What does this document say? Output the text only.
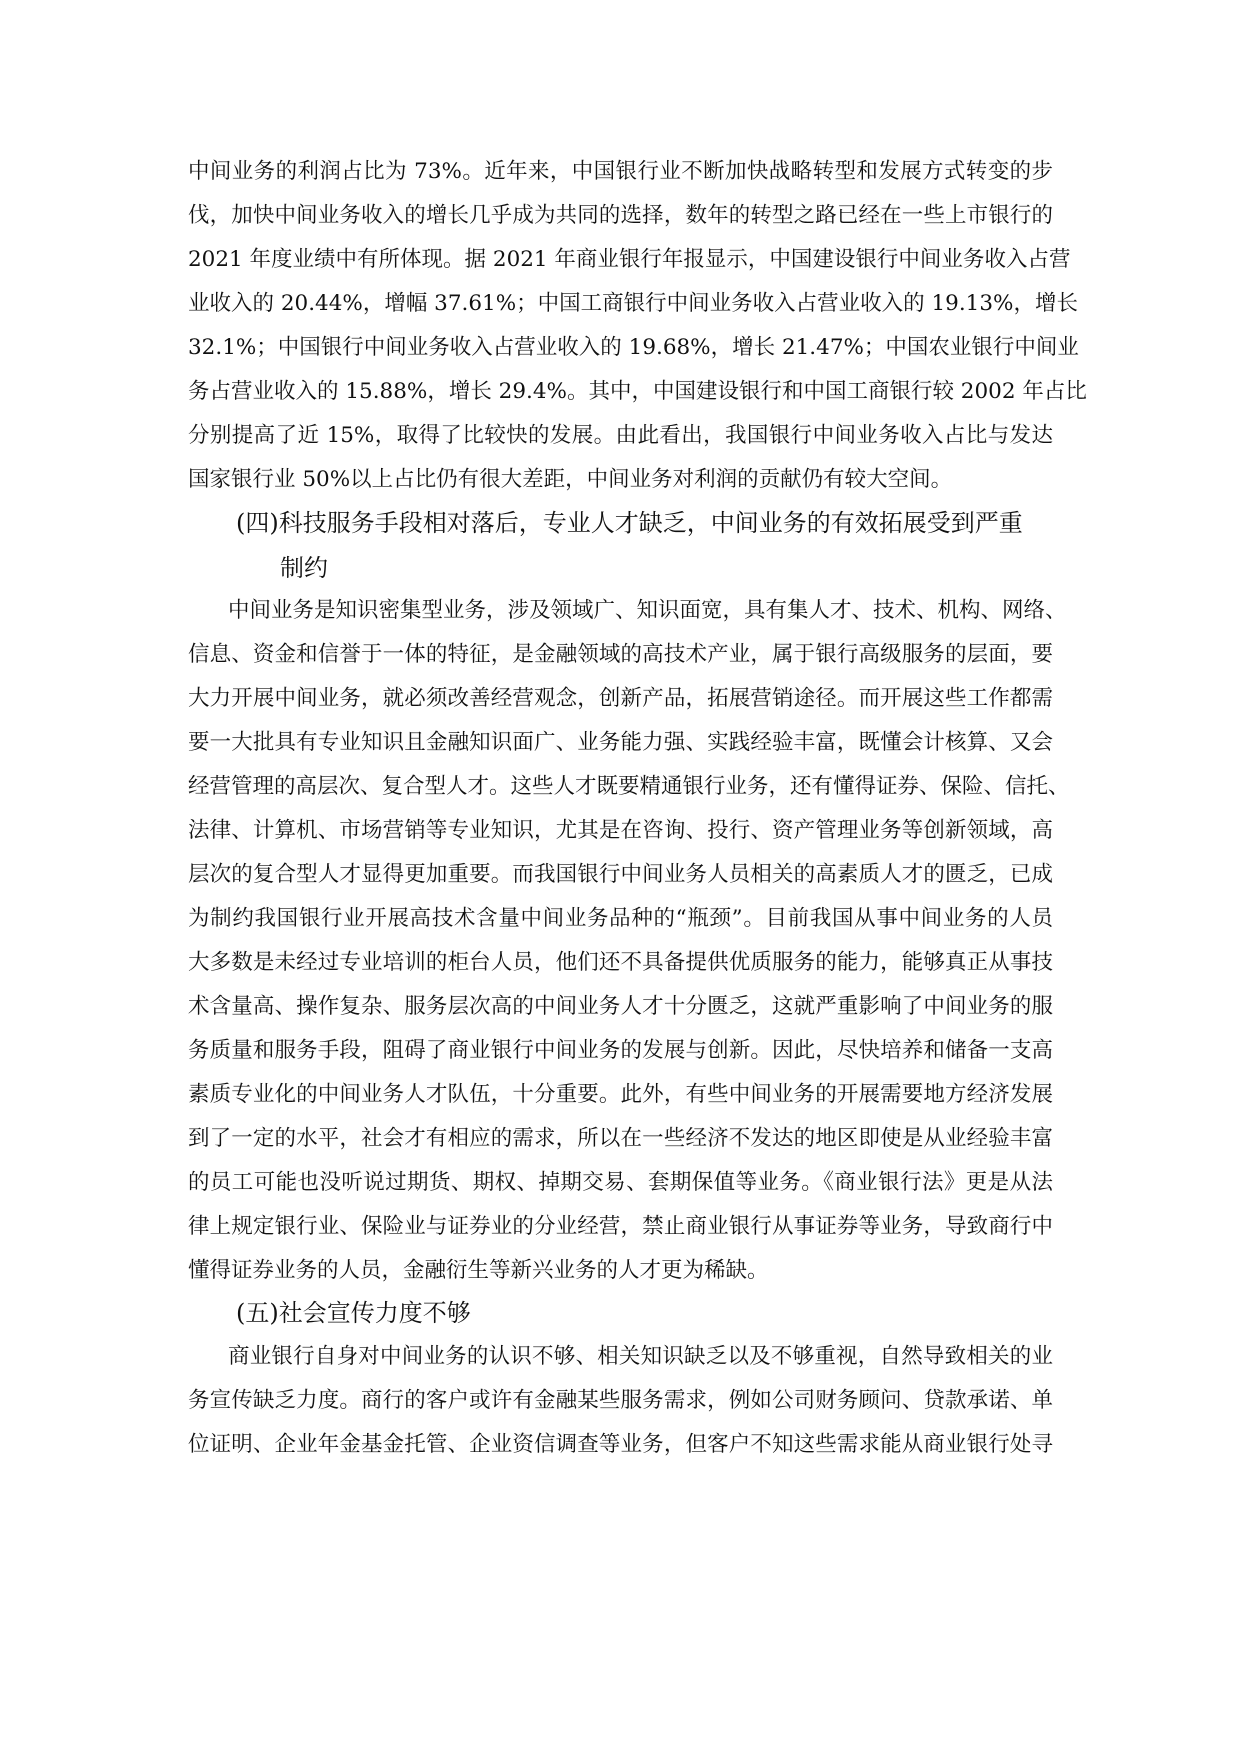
中间业务的利润占比为 73%。近年来，中国银行业不断加快战略转型和发展方式转变的步
伐，加快中间业务收入的增长几乎成为共同的选择，数年的转型之路已经在一些上市银行的
2021 年度业绩中有所体现。据 2021 年商业银行年报显示，中国建设银行中间业务收入占营
业收入的 20.44%，增幅 37.61%；中国工商银行中间业务收入占营业收入的 19.13%，增长
32.1%；中国银行中间业务收入占营业收入的 19.68%，增长 21.47%；中国农业银行中间业
务占营业收入的 15.88%，增长 29.4%。其中，中国建设银行和中国工商银行较 2002 年占比
分别提高了近 15%，取得了比较快的发展。由此看出，我国银行中间业务收入占比与发达
国家银行业 50%以上占比仍有很大差距，中间业务对利润的贡献仍有较大空间。
(四)科技服务手段相对落后，专业人才缺乏，中间业务的有效拓展受到严重
制约
中间业务是知识密集型业务，涉及领域广、知识面宽，具有集人才、技术、机构、网络、
信息、资金和信誉于一体的特征，是金融领域的高技术产业，属于银行高级服务的层面，要
大力开展中间业务，就必须改善经营观念，创新产品，拓展营销途径。而开展这些工作都需
要一大批具有专业知识且金融知识面广、业务能力强、实践经验丰富，既懂会计核算、又会
经营管理的高层次、复合型人才。这些人才既要精通银行业务，还有懂得证券、保险、信托、
法律、计算机、市场营销等专业知识，尤其是在咨询、投行、资产管理业务等创新领域，高
层次的复合型人才显得更加重要。而我国银行中间业务人员相关的高素质人才的匮乏，已成
为制约我国银行业开展高技术含量中间业务品种的“瓶颈”。目前我国从事中间业务的人员
大多数是未经过专业培训的柜台人员，他们还不具备提供优质服务的能力，能够真正从事技
术含量高、操作复杂、服务层次高的中间业务人才十分匮乏，这就严重影响了中间业务的服
务质量和服务手段，阻碍了商业银行中间业务的发展与创新。因此，尽快培养和储备一支高
素质专业化的中间业务人才队伍，十分重要。此外，有些中间业务的开展需要地方经济发展
到了一定的水平，社会才有相应的需求，所以在一些经济不发达的地区即使是从业经验丰富
的员工可能也没听说过期货、期权、掉期交易、套期保值等业务。《商业银行法》更是从法
律上规定银行业、保险业与证券业的分业经营，禁止商业银行从事证券等业务，导致商行中
懂得证券业务的人员，金融衍生等新兴业务的人才更为稀缺。
(五)社会宣传力度不够
商业银行自身对中间业务的认识不够、相关知识缺乏以及不够重视，自然导致相关的业
务宣传缺乏力度。商行的客户或许有金融某些服务需求，例如公司财务顾问、贷款承诺、单
位证明、企业年金基金托管、企业资信调查等业务，但客户不知这些需求能从商业银行处寻
